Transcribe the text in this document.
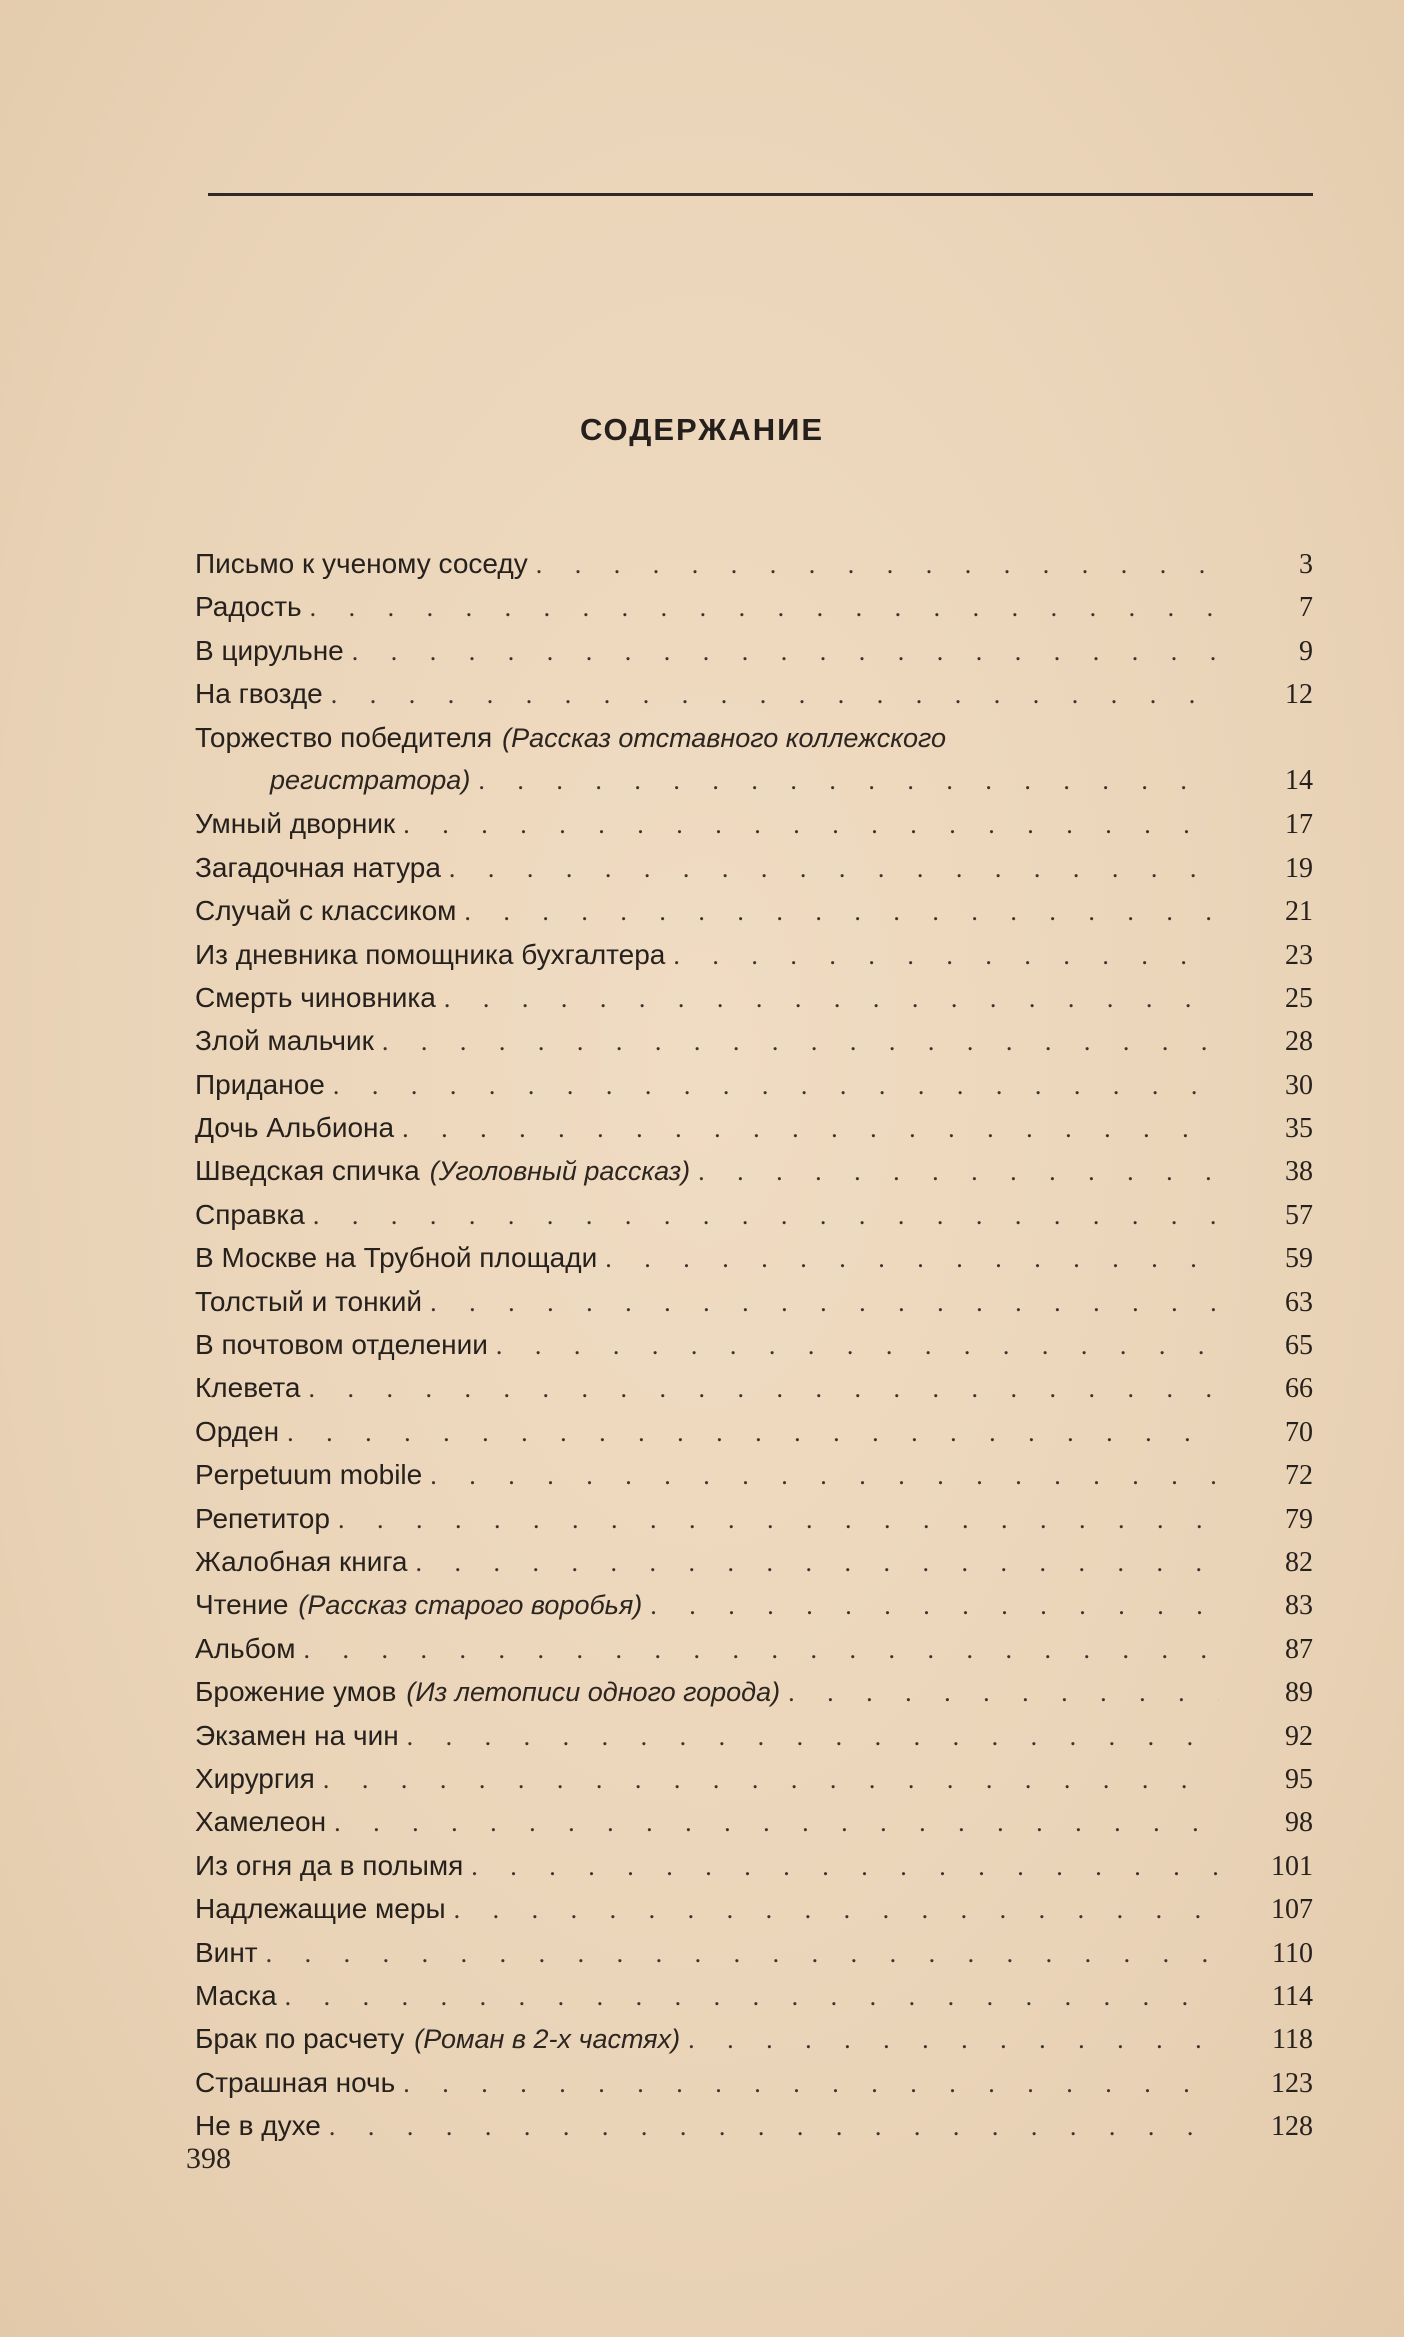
СОДЕРЖАНИЕ
Письмо к ученому соседу . . .	3
Радость . . .	7
В цирульне . . .	9
На гвозде . . .	12
Торжество победителя (Рассказ отставного коллежского
регистратора) . . .	14
Умный дворник . . .	17
Загадочная натура . . .	19
Случай с классиком . . .	21
Из дневника помощника бухгалтера . . .	23
Смерть чиновника . . .	25
Злой мальчик . . .	28
Приданое . . .	30
Дочь Альбиона . . .	35
Шведская спичка (Уголовный рассказ) . . .	38
Справка . . .	57
В Москве на Трубной площади . . .	59
Толстый и тонкий . . .	63
В почтовом отделении . . .	65
Клевета . . .	66
Орден . . .	70
Perpetuum mobile . . .	72
Репетитор . . .	79
Жалобная книга . . .	82
Чтение (Рассказ старого воробья) . . .	83
Альбом . . .	87
Брожение умов (Из летописи одного города) . . .	89
Экзамен на чин . . .	92
Хирургия . . .	95
Хамелеон . . .	98
Из огня да в полымя . . .	101
Надлежащие меры . . .	107
Винт . . .	110
Маска . . .	114
Брак по расчету (Роман в 2-х частях) . . .	118
Страшная ночь . . .	123
Не в духе . . .	128
398
